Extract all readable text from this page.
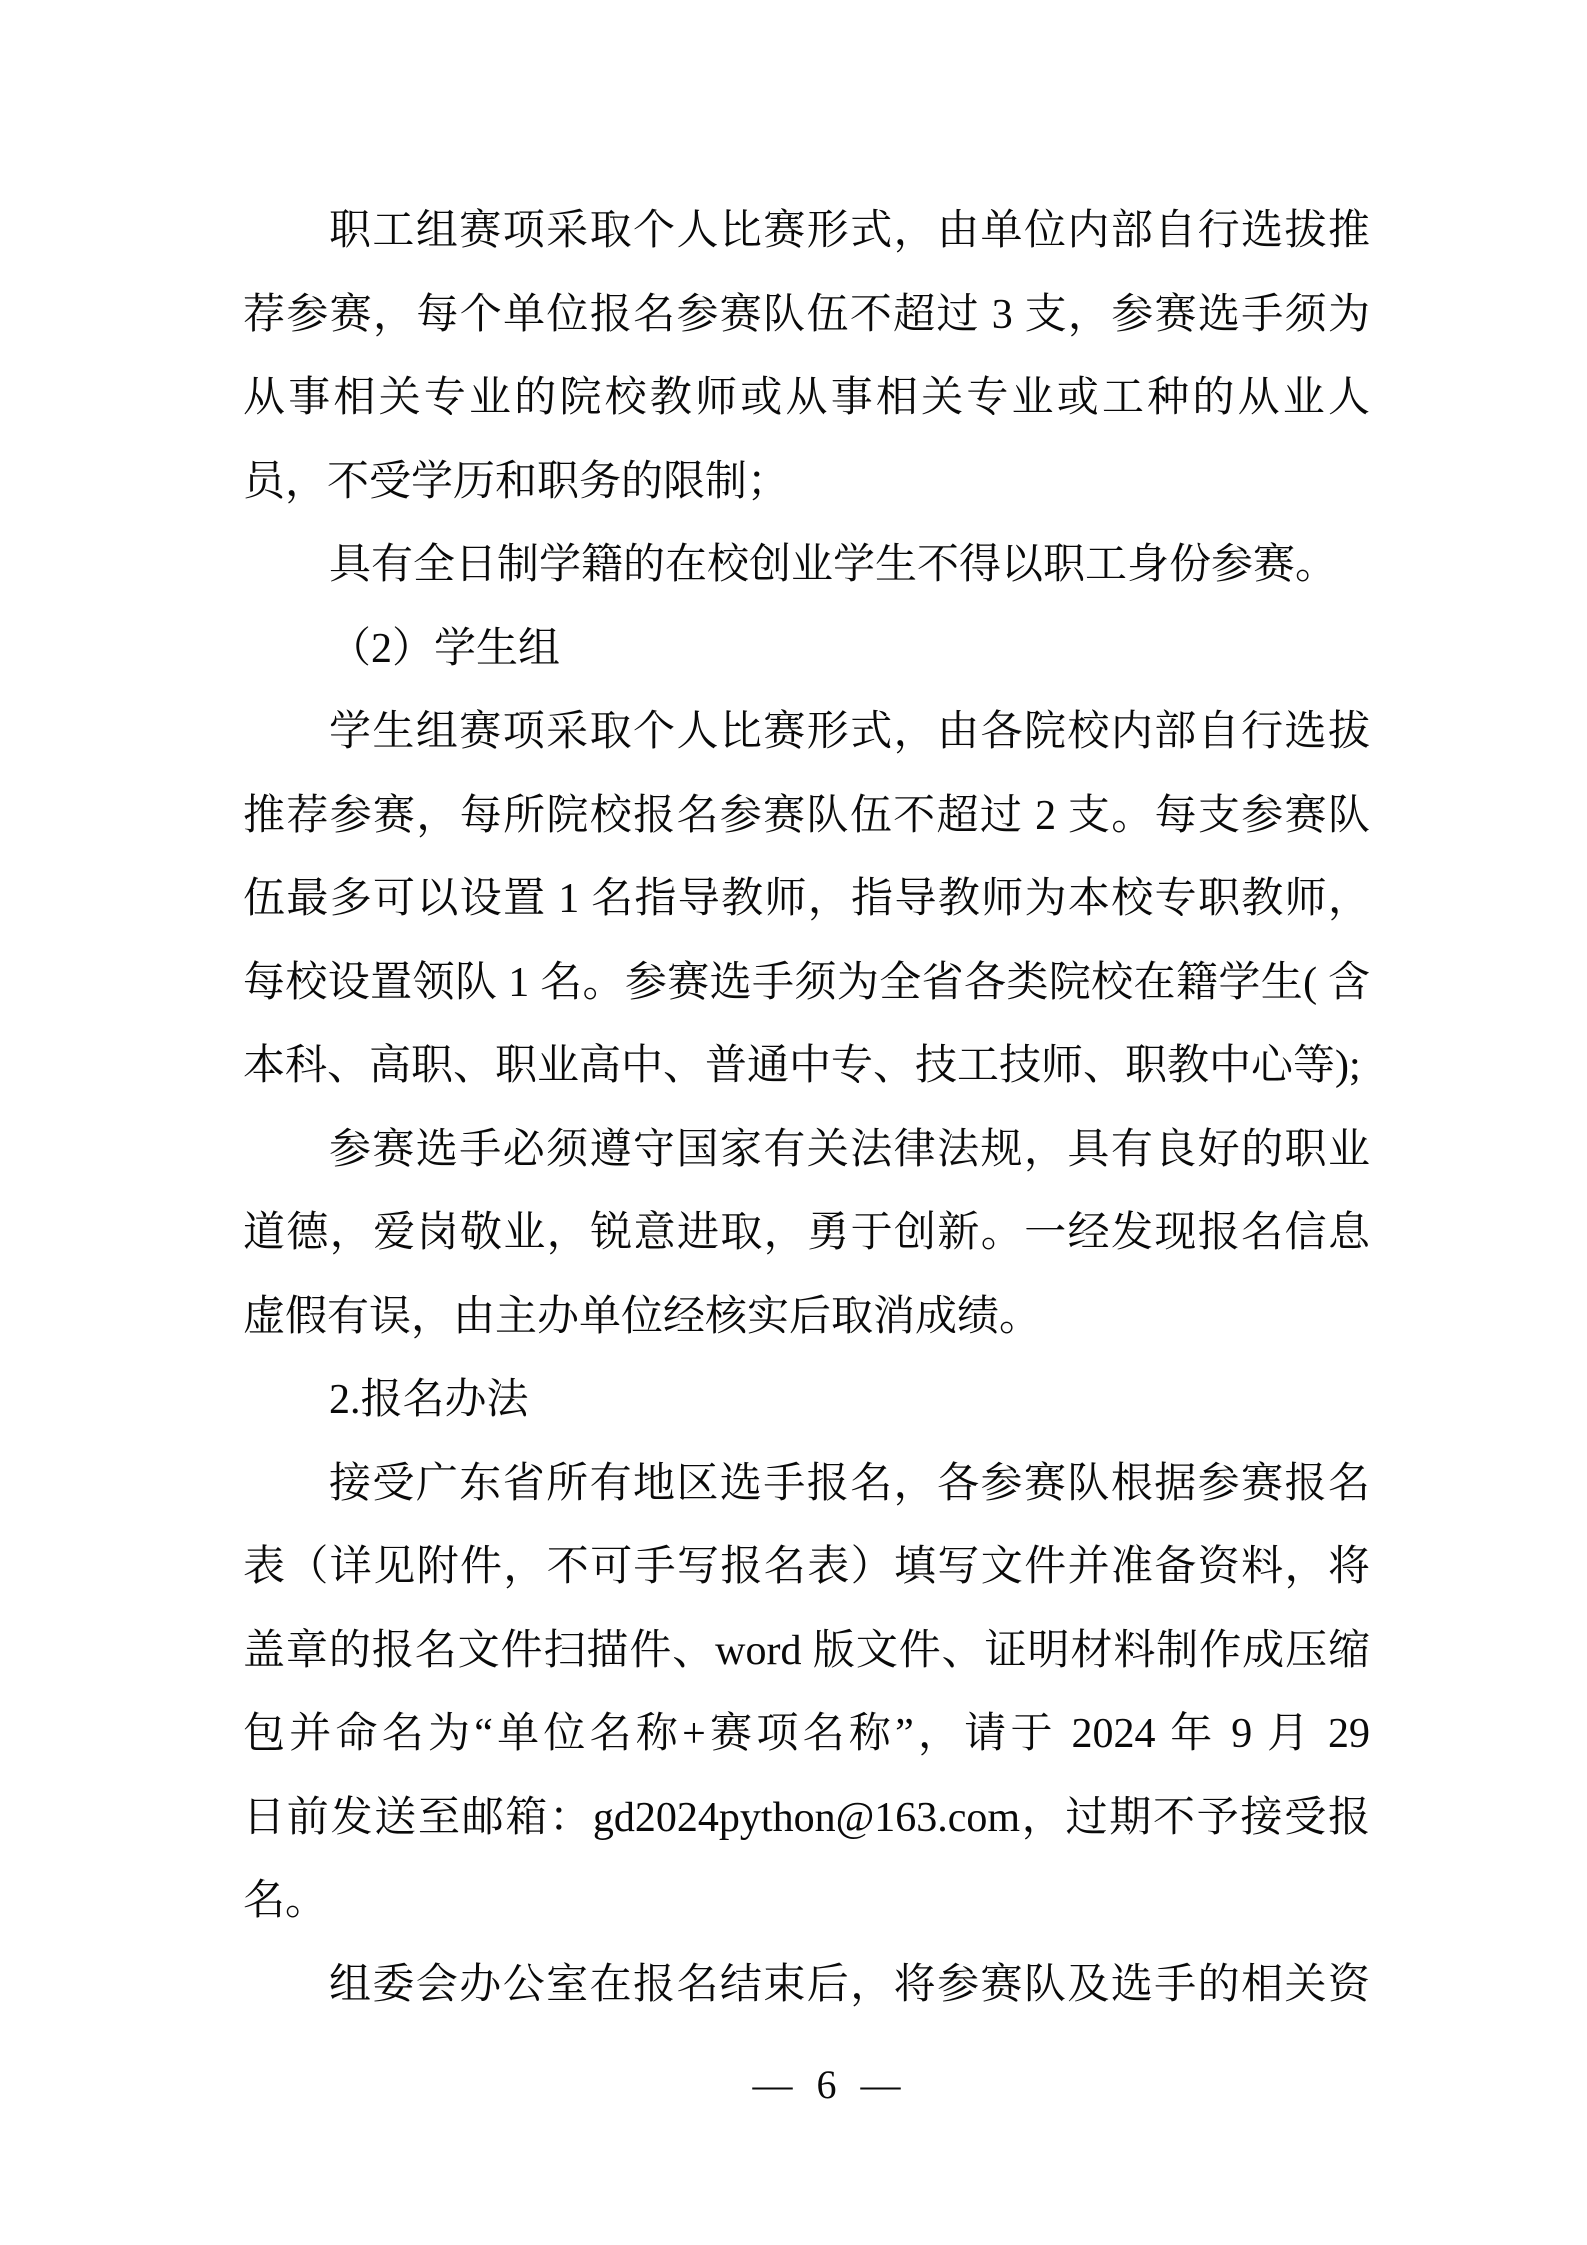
职工组赛项采取个人比赛形式，由单位内部自行选拔推
荐参赛，每个单位报名参赛队伍不超过 3 支，参赛选手须为
从事相关专业的院校教师或从事相关专业或工种的从业人
员，不受学历和职务的限制；
具有全日制学籍的在校创业学生不得以职工身份参赛。
（2）学生组
学生组赛项采取个人比赛形式，由各院校内部自行选拔
推荐参赛，每所院校报名参赛队伍不超过 2 支。每支参赛队
伍最多可以设置 1 名指导教师，指导教师为本校专职教师，
每校设置领队 1 名。参赛选手须为全省各类院校在籍学生( 含
本科、高职、职业高中、普通中专、技工技师、职教中心等);
参赛选手必须遵守国家有关法律法规，具有良好的职业
道德，爱岗敬业，锐意进取，勇于创新。一经发现报名信息
虚假有误，由主办单位经核实后取消成绩。
2.报名办法
接受广东省所有地区选手报名，各参赛队根据参赛报名
表（详见附件，不可手写报名表）填写文件并准备资料，将
盖章的报名文件扫描件、word 版文件、证明材料制作成压缩
包并命名为“单位名称+赛项名称”，请于 2024 年 9 月 29
日前发送至邮箱：gd2024python@163.com，过期不予接受报
名。
组委会办公室在报名结束后，将参赛队及选手的相关资
— 6 —
